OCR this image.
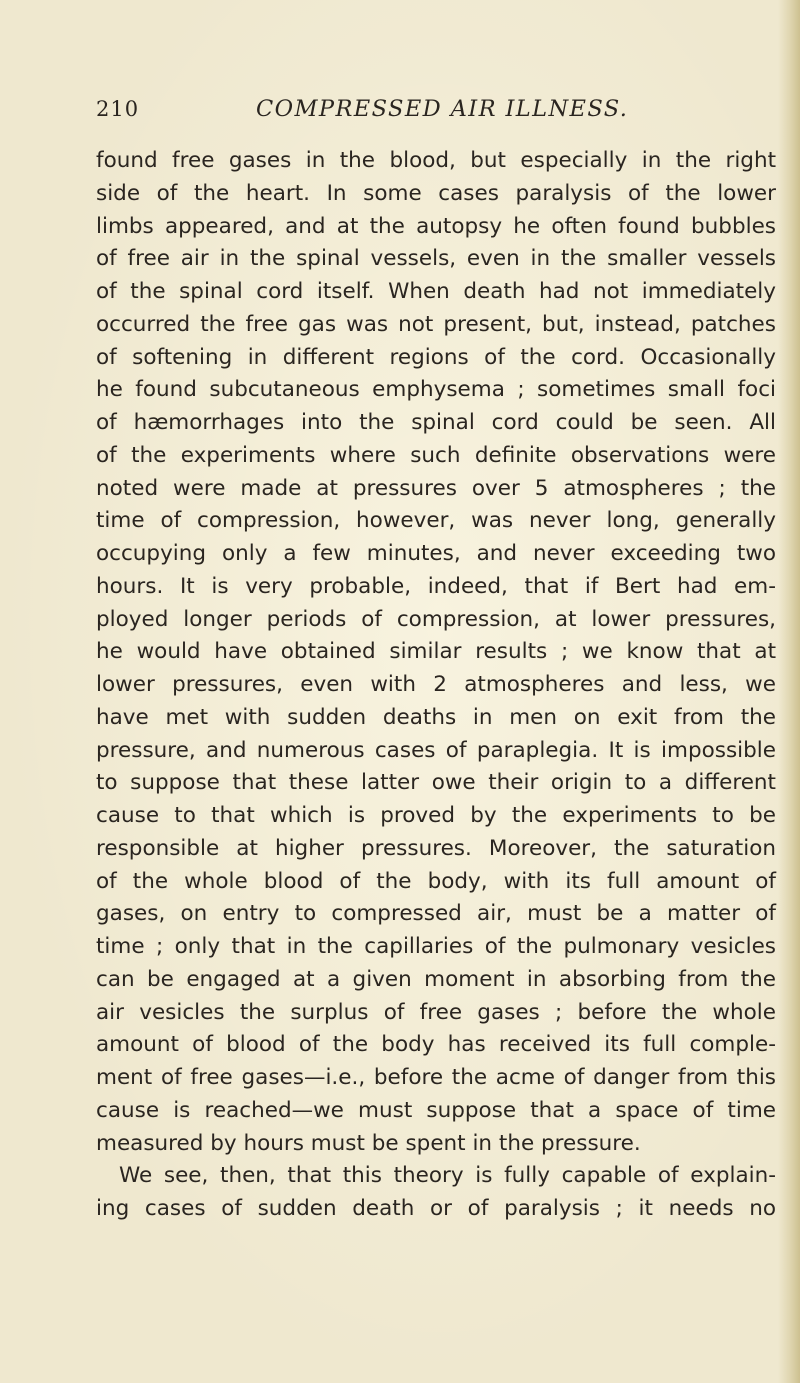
210	COMPRESSED AIR ILLNESS.
found free gases in the blood, but especially in the right
side of the heart. In some cases paralysis of the lower
limbs appeared, and at the autopsy he often found bubbles
of free air in the spinal vessels, even in the smaller vessels
of the spinal cord itself. When death had not immediately
occurred the free gas was not present, but, instead, patches
of softening in different regions of the cord. Occasionally
he found subcutaneous emphysema ; sometimes small foci
of hæmorrhages into the spinal cord could be seen. All
of the experiments where such definite observations were
noted were made at pressures over 5 atmospheres ; the
time of compression, however, was never long, generally
occupying only a few minutes, and never exceeding two
hours. It is very probable, indeed, that if Bert had em-
ployed longer periods of compression, at lower pressures,
he would have obtained similar results ; we know that at
lower pressures, even with 2 atmospheres and less, we
have met with sudden deaths in men on exit from the
pressure, and numerous cases of paraplegia. It is impossible
to suppose that these latter owe their origin to a different
cause to that which is proved by the experiments to be
responsible at higher pressures. Moreover, the saturation
of the whole blood of the body, with its full amount of
gases, on entry to compressed air, must be a matter of
time ; only that in the capillaries of the pulmonary vesicles
can be engaged at a given moment in absorbing from the
air vesicles the surplus of free gases ; before the whole
amount of blood of the body has received its full comple-
ment of free gases—i.e., before the acme of danger from this
cause is reached—we must suppose that a space of time
measured by hours must be spent in the pressure.
We see, then, that this theory is fully capable of explain-
ing cases of sudden death or of paralysis ; it needs no
